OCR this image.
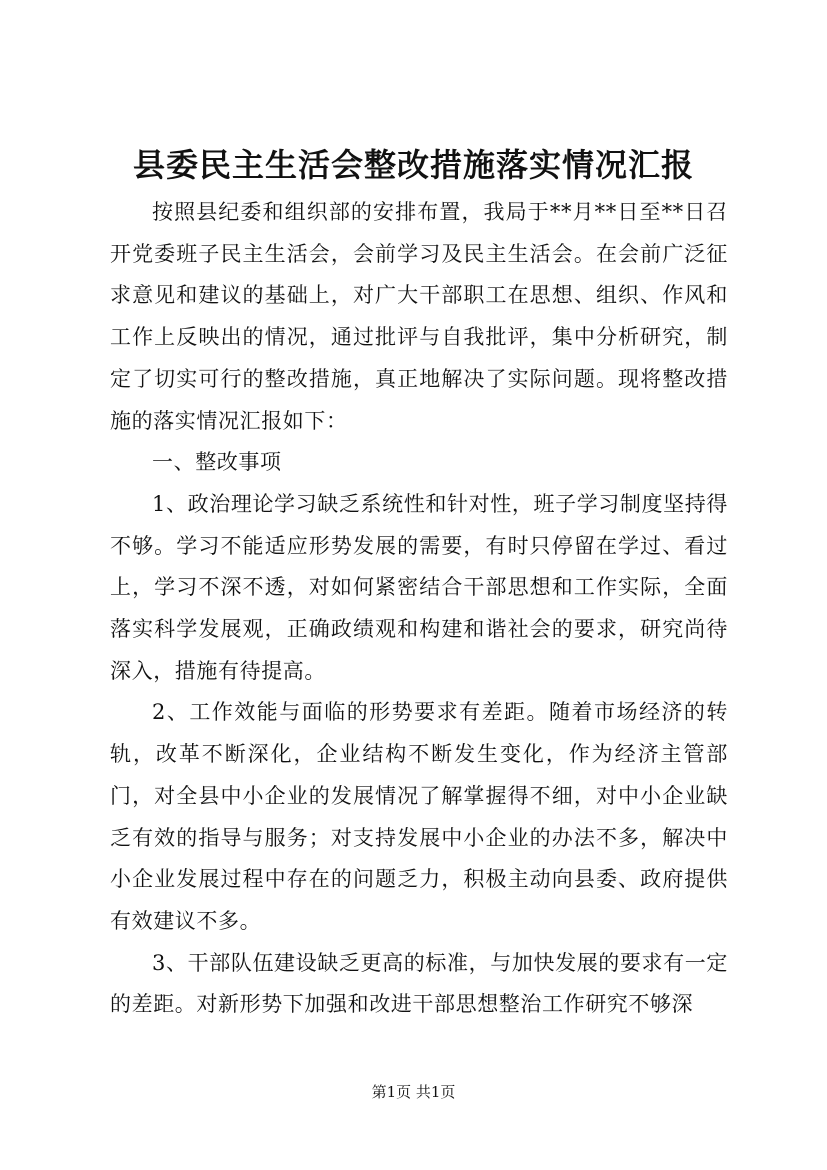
县委民主生活会整改措施落实情况汇报

按照县纪委和组织部的安排布置，我局于**月**日至**日召开党委班子民主生活会，会前学习及民主生活会。在会前广泛征求意见和建议的基础上，对广大干部职工在思想、组织、作风和工作上反映出的情况，通过批评与自我批评，集中分析研究，制定了切实可行的整改措施，真正地解决了实际问题。现将整改措施的落实情况汇报如下：

一、整改事项

1、政治理论学习缺乏系统性和针对性，班子学习制度坚持得不够。学习不能适应形势发展的需要，有时只停留在学过、看过上，学习不深不透，对如何紧密结合干部思想和工作实际，全面落实科学发展观，正确政绩观和构建和谐社会的要求，研究尚待深入，措施有待提高。

2、工作效能与面临的形势要求有差距。随着市场经济的转轨，改革不断深化，企业结构不断发生变化，作为经济主管部门，对全县中小企业的发展情况了解掌握得不细，对中小企业缺乏有效的指导与服务；对支持发展中小企业的办法不多，解决中小企业发展过程中存在的问题乏力，积极主动向县委、政府提供有效建议不多。

3、干部队伍建设缺乏更高的标准，与加快发展的要求有一定的差距。对新形势下加强和改进干部思想整治工作研究不够深

第1页 共1页
